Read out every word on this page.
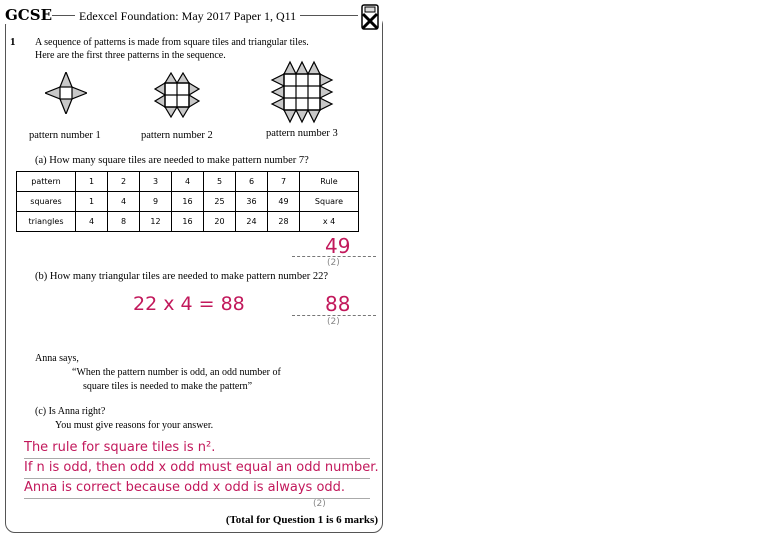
GCSE	Edexcel Foundation: May 2017 Paper 1, Q11
1 A sequence of patterns is made from square tiles and triangular tiles.
Here are the first three patterns in the sequence.
pattern number 1	pattern number 2	pattern number 3
(a) How many square tiles are needed to make pattern number 7?
pattern	1	2	3	4	5	6	7	Rule
squares	1	4	9	16	25	36	49	Square
triangles	4	8	12	16	20	24	28	x 4
49
(2)
(b) How many triangular tiles are needed to make pattern number 22?
22 x 4 = 88	88
(2)
Anna says,
“When the pattern number is odd, an odd number of
square tiles is needed to make the pattern”
(c) Is Anna right?
You must give reasons for your answer.
The rule for square tiles is n².
If n is odd, then odd x odd must equal an odd number.
Anna is correct because odd x odd is always odd.
(2)
(Total for Question 1 is 6 marks)
